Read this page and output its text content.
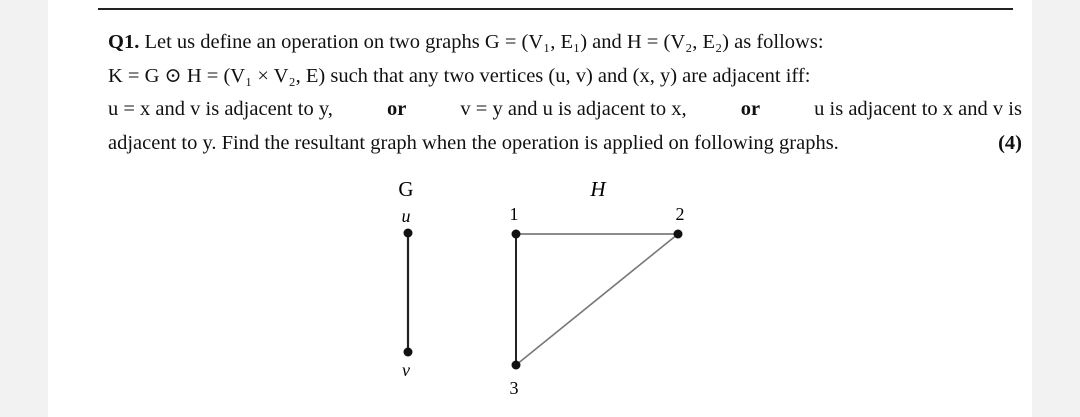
Q1. Let us define an operation on two graphs G = (V₁, E₁) and H = (V₂, E₂) as follows:
K = G ⊙ H = (V₁ × V₂, E) such that any two vertices (u, v) and (x, y) are adjacent iff:
u = x and v is adjacent to y,	or	v = y and u is adjacent to x,	or	u is adjacent to x and v is
adjacent to y. Find the resultant graph when the operation is applied on following graphs.	(4)
G
u
v
H
1	2
3
